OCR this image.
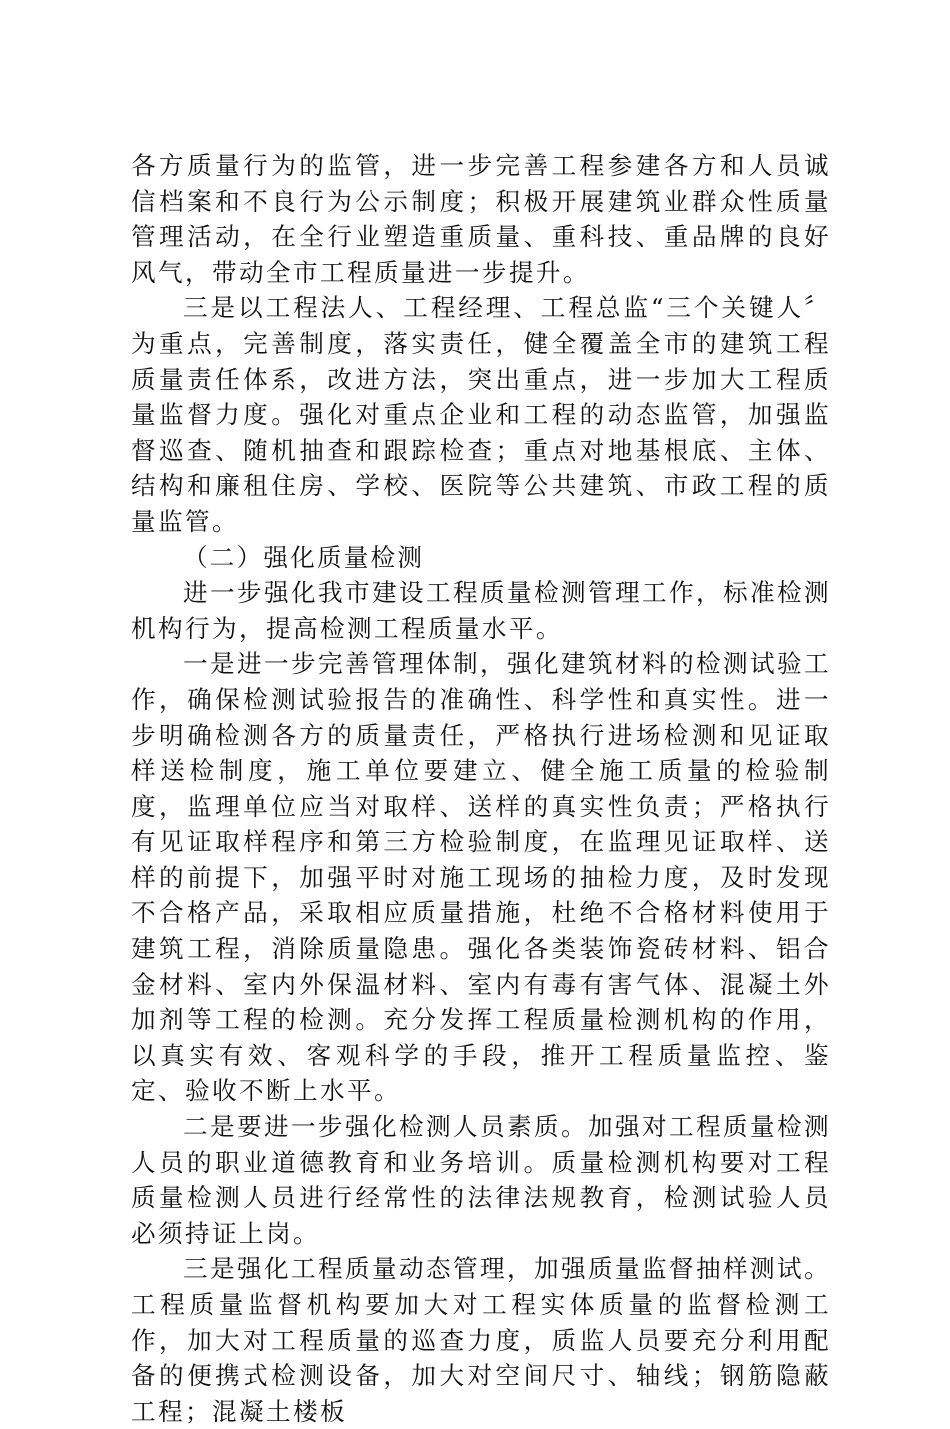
各方质量行为的监管，进一步完善工程参建各方和人员诚信档案和不良行为公示制度；积极开展建筑业群众性质量管理活动，在全行业塑造重质量、重科技、重品牌的良好风气，带动全市工程质量进一步提升。

三是以工程法人、工程经理、工程总监“三个关键人〞为重点，完善制度，落实责任，健全覆盖全市的建筑工程质量责任体系，改进方法，突出重点，进一步加大工程质量监督力度。强化对重点企业和工程的动态监管，加强监督巡查、随机抽查和跟踪检查；重点对地基根底、主体、结构和廉租住房、学校、医院等公共建筑、市政工程的质量监管。

（二）强化质量检测

进一步强化我市建设工程质量检测管理工作，标准检测机构行为，提高检测工程质量水平。

一是进一步完善管理体制，强化建筑材料的检测试验工作，确保检测试验报告的准确性、科学性和真实性。进一步明确检测各方的质量责任，严格执行进场检测和见证取样送检制度，施工单位要建立、健全施工质量的检验制度，监理单位应当对取样、送样的真实性负责；严格执行有见证取样程序和第三方检验制度，在监理见证取样、送样的前提下，加强平时对施工现场的抽检力度，及时发现不合格产品，采取相应质量措施，杜绝不合格材料使用于建筑工程，消除质量隐患。强化各类装饰瓷砖材料、铝合金材料、室内外保温材料、室内有毒有害气体、混凝土外加剂等工程的检测。充分发挥工程质量检测机构的作用，以真实有效、客观科学的手段，推开工程质量监控、鉴定、验收不断上水平。

二是要进一步强化检测人员素质。加强对工程质量检测人员的职业道德教育和业务培训。质量检测机构要对工程质量检测人员进行经常性的法律法规教育，检测试验人员必须持证上岗。

三是强化工程质量动态管理，加强质量监督抽样测试。工程质量监督机构要加大对工程实体质量的监督检测工作，加大对工程质量的巡查力度，质监人员要充分利用配备的便携式检测设备，加大对空间尺寸、轴线；钢筋隐蔽工程；混凝土楼板
